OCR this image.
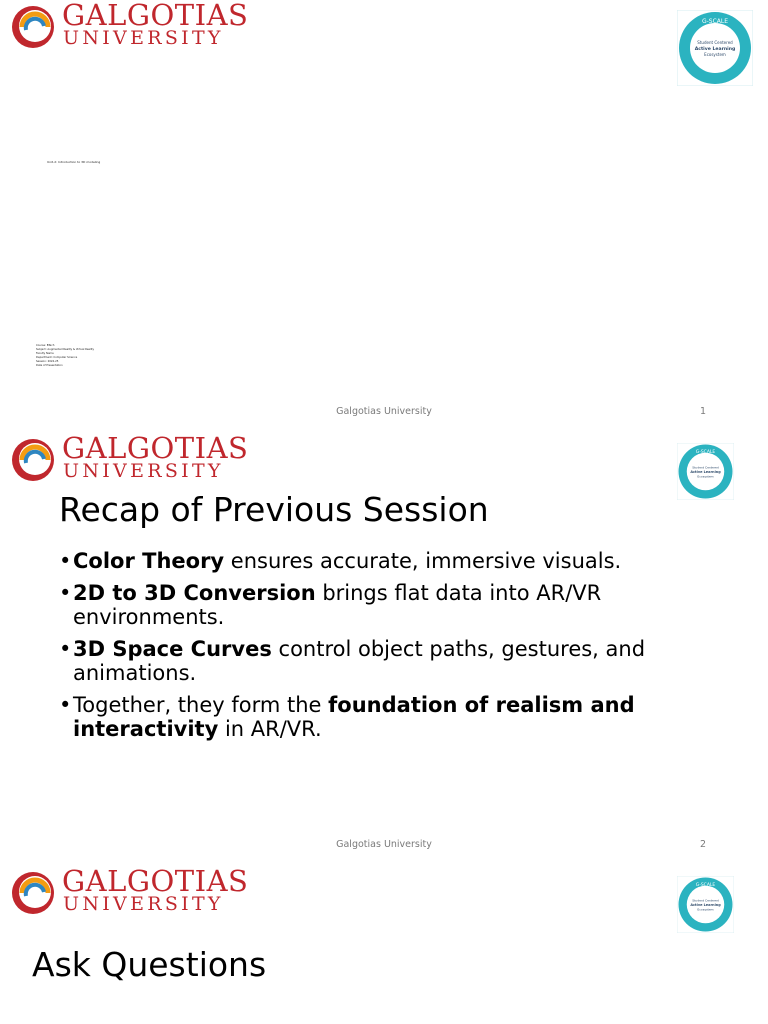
GALGOTIAS
UNIVERSITY
G-SCALE
Student Centered
Active Learning
Ecosystem
Unit-2: Introduction to 3D modeling
Course: BTech
Subject: Augmented Reality & Virtual Reality
Faculty Name
Department: Computer Science
Session: 2024-25
Date of Presentation
Galgotias University	1
GALGOTIAS
UNIVERSITY
G-SCALE
Student Centered
Active Learning
Ecosystem
Recap of Previous Session
• Color Theory ensures accurate, immersive visuals.
• 2D to 3D Conversion brings flat data into AR/VR environments.
• 3D Space Curves control object paths, gestures, and animations.
• Together, they form the foundation of realism and interactivity in AR/VR.
Galgotias University	2
GALGOTIAS
UNIVERSITY
G-SCALE
Student Centered
Active Learning
Ecosystem
Ask Questions
